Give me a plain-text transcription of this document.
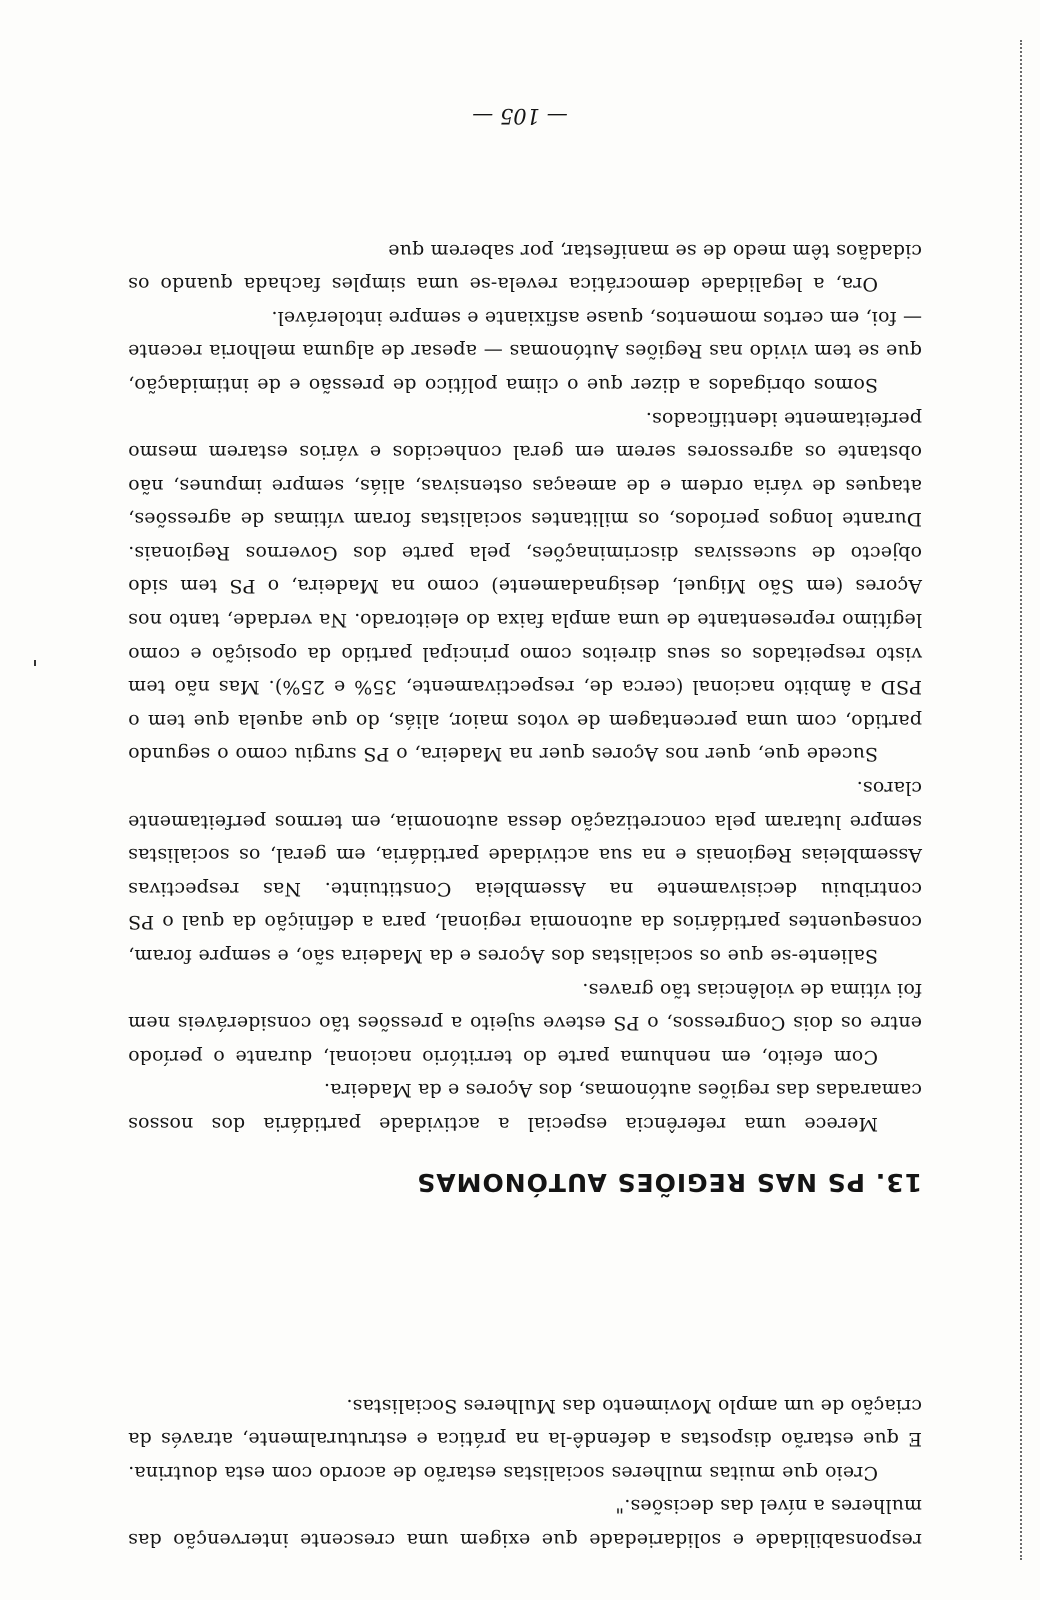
responsabilidade e solidariedade que exigem uma crescente intervenção das mulheres a nível das decisões."

Creio que muitas mulheres socialistas estarão de acordo com esta doutrina. E que estarão dispostas a defendê-la na prática e estruturalmente, através da criação de um amplo Movimento das Mulheres Socialistas.

13. PS NAS REGIÕES AUTÓNOMAS

Merece uma referência especial a actividade partidária dos nossos camaradas das regiões autónomas, dos Açores e da Madeira.

Com efeito, em nenhuma parte do território nacional, durante o período entre os dois Congressos, o PS esteve sujeito a pressões tão consideráveis nem foi vítima de violências tão graves.

Saliente-se que os socialistas dos Açores e da Madeira são, e sempre foram, consequentes partidários da autonomia regional, para a definição da qual o PS contribuiu decisivamente na Assembleia Constituinte. Nas respectivas Assembleias Regionais e na sua actividade partidária, em geral, os socialistas sempre lutaram pela concretização dessa autonomia, em termos perfeitamente claros.

Sucede que, quer nos Açores quer na Madeira, o PS surgiu como o segundo partido, com uma percentagem de votos maior, aliás, do que aquela que tem o PSD a âmbito nacional (cerca de, respectivamente, 35% e 25%). Mas não tem visto respeitados os seus direitos como principal partido da oposição e como legítimo representante de uma ampla faixa do eleitorado. Na verdade, tanto nos Açores (em São Miguel, designadamente) como na Madeira, o PS tem sido objecto de sucessivas discriminações, pela parte dos Governos Regionais. Durante longos períodos, os militantes socialistas foram vítimas de agressões, ataques de vária ordem e de ameaças ostensivas, aliás, sempre impunes, não obstante os agressores serem em geral conhecidos e vários estarem mesmo perfeitamente identificados.

Somos obrigados a dizer que o clima político de pressão e de intimidação, que se tem vivido nas Regiões Autónomas — apesar de alguma melhoria recente — foi, em certos momentos, quase asfixiante e sempre intolerável.

Ora, a legalidade democrática revela-se uma simples fachada quando os cidadãos têm medo de se manifestar, por saberem que

— 105 —
